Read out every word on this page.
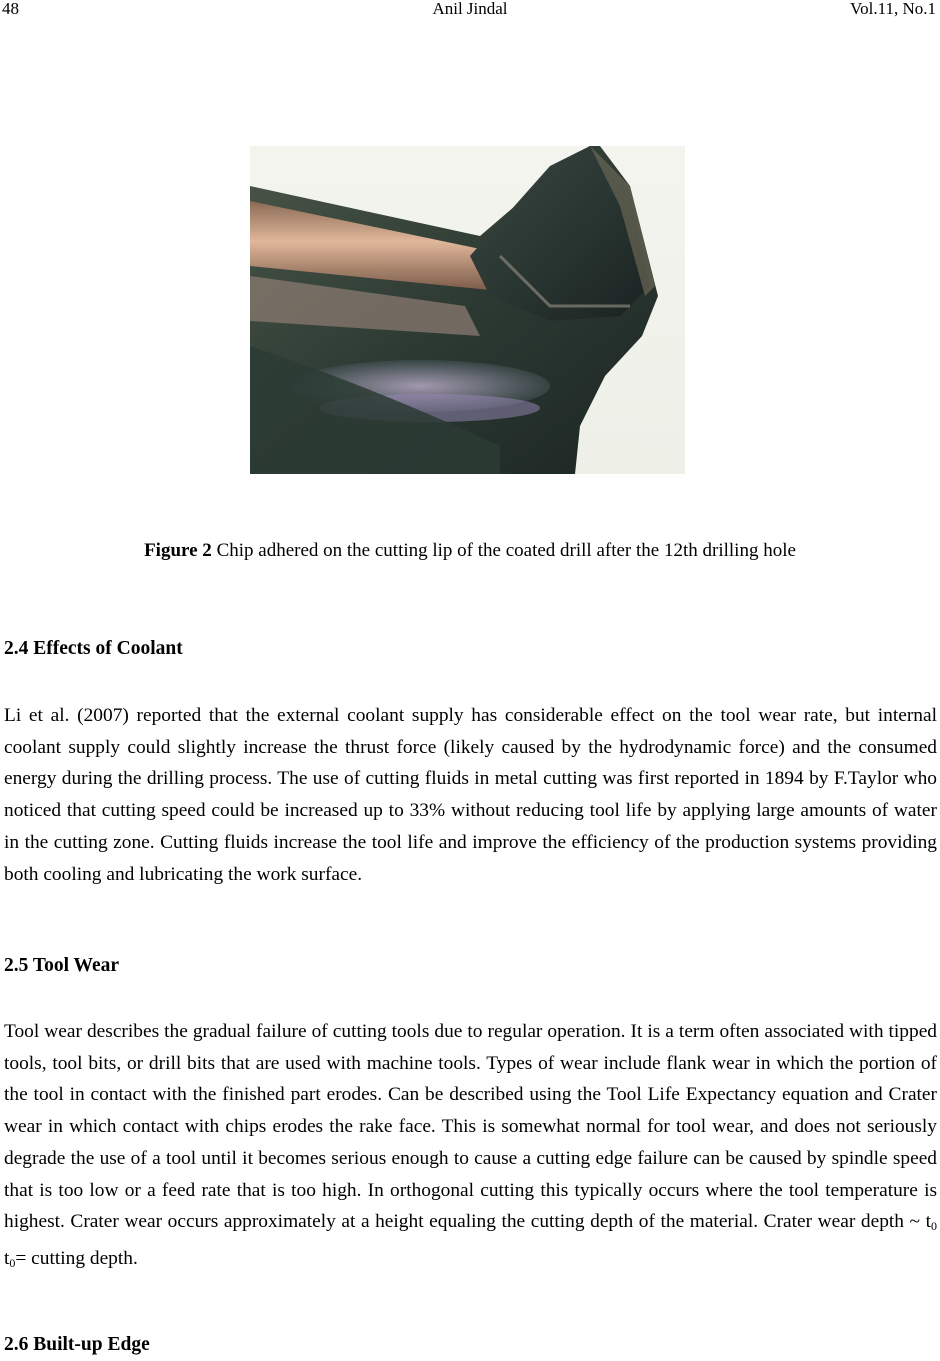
48	Anil Jindal	Vol.11, No.1
Figure 2 Chip adhered on the cutting lip of the coated drill after the 12th drilling hole
2.4 Effects of Coolant

Li et al. (2007) reported that the external coolant supply has considerable effect on the tool wear rate, but internal coolant supply could slightly increase the thrust force (likely caused by the hydrodynamic force) and the consumed energy during the drilling process. The use of cutting fluids in metal cutting was first reported in 1894 by F.Taylor who noticed that cutting speed could be increased up to 33% without reducing tool life by applying large amounts of water in the cutting zone. Cutting fluids increase the tool life and improve the efficiency of the production systems providing both cooling and lubricating the work surface.

2.5 Tool Wear

Tool wear describes the gradual failure of cutting tools due to regular operation. It is a term often associated with tipped tools, tool bits, or drill bits that are used with machine tools. Types of wear include flank wear in which the portion of the tool in contact with the finished part erodes. Can be described using the Tool Life Expectancy equation and Crater wear in which contact with chips erodes the rake face. This is somewhat normal for tool wear, and does not seriously degrade the use of a tool until it becomes serious enough to cause a cutting edge failure can be caused by spindle speed that is too low or a feed rate that is too high. In orthogonal cutting this typically occurs where the tool temperature is highest. Crater wear occurs approximately at a height equaling the cutting depth of the material. Crater wear depth ~ $t_0$ $t_0=$ cutting depth.

2.6 Built-up Edge
